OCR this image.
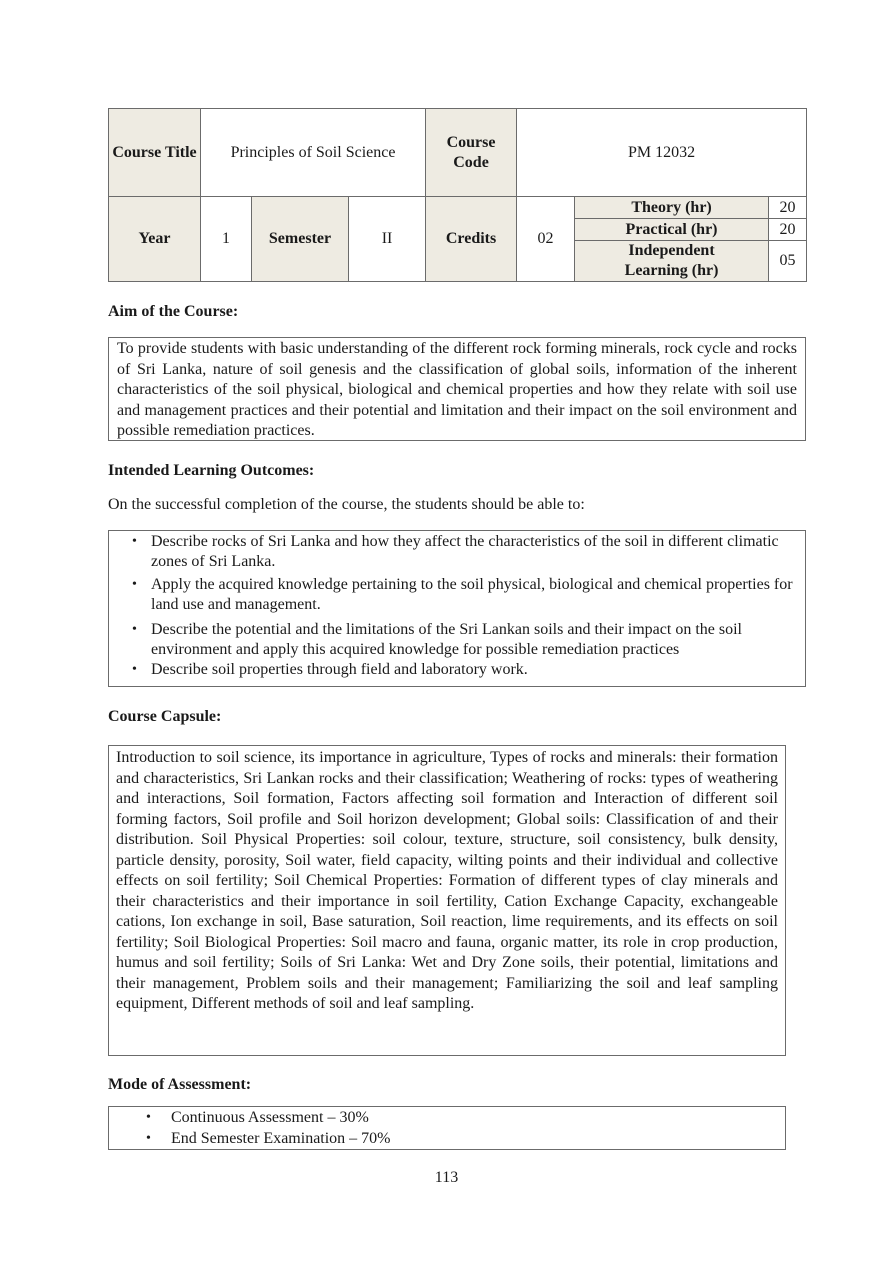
Course Title	Principles of Soil Science			Course Code	PM 12032		
Year	1	Semester	II	Credits	02	Theory (hr)	20
						Practical (hr)	20
						Independent Learning (hr)	05
Aim of the Course:
To provide students with basic understanding of the different rock forming minerals, rock cycle and rocks of Sri Lanka, nature of soil genesis and the classification of global soils, information of the inherent characteristics of the soil physical, biological and chemical properties and how they relate with soil use and management practices and their potential and limitation and their impact on the soil environment and possible remediation practices.
Intended Learning Outcomes:
On the successful completion of the course, the students should be able to:
• Describe rocks of Sri Lanka and how they affect the characteristics of the soil in different climatic zones of Sri Lanka.
• Apply the acquired knowledge pertaining to the soil physical, biological and chemical properties for land use and management.
• Describe the potential and the limitations of the Sri Lankan soils and their impact on the soil environment and apply this acquired knowledge for possible remediation practices
• Describe soil properties through field and laboratory work.
Course Capsule:
Introduction to soil science, its importance in agriculture, Types of rocks and minerals: their formation and characteristics, Sri Lankan rocks and their classification; Weathering of rocks: types of weathering and interactions, Soil formation, Factors affecting soil formation and Interaction of different soil forming factors, Soil profile and Soil horizon development; Global soils: Classification of and their distribution. Soil Physical Properties: soil colour, texture, structure, soil consistency, bulk density, particle density, porosity, Soil water, field capacity, wilting points and their individual and collective effects on soil fertility; Soil Chemical Properties: Formation of different types of clay minerals and their characteristics and their importance in soil fertility, Cation Exchange Capacity, exchangeable cations, Ion exchange in soil, Base saturation, Soil reaction, lime requirements, and its effects on soil fertility; Soil Biological Properties: Soil macro and fauna, organic matter, its role in crop production, humus and soil fertility; Soils of Sri Lanka: Wet and Dry Zone soils, their potential, limitations and their management, Problem soils and their management; Familiarizing the soil and leaf sampling equipment, Different methods of soil and leaf sampling.
Mode of Assessment:
• Continuous Assessment – 30%
• End Semester Examination – 70%
113
